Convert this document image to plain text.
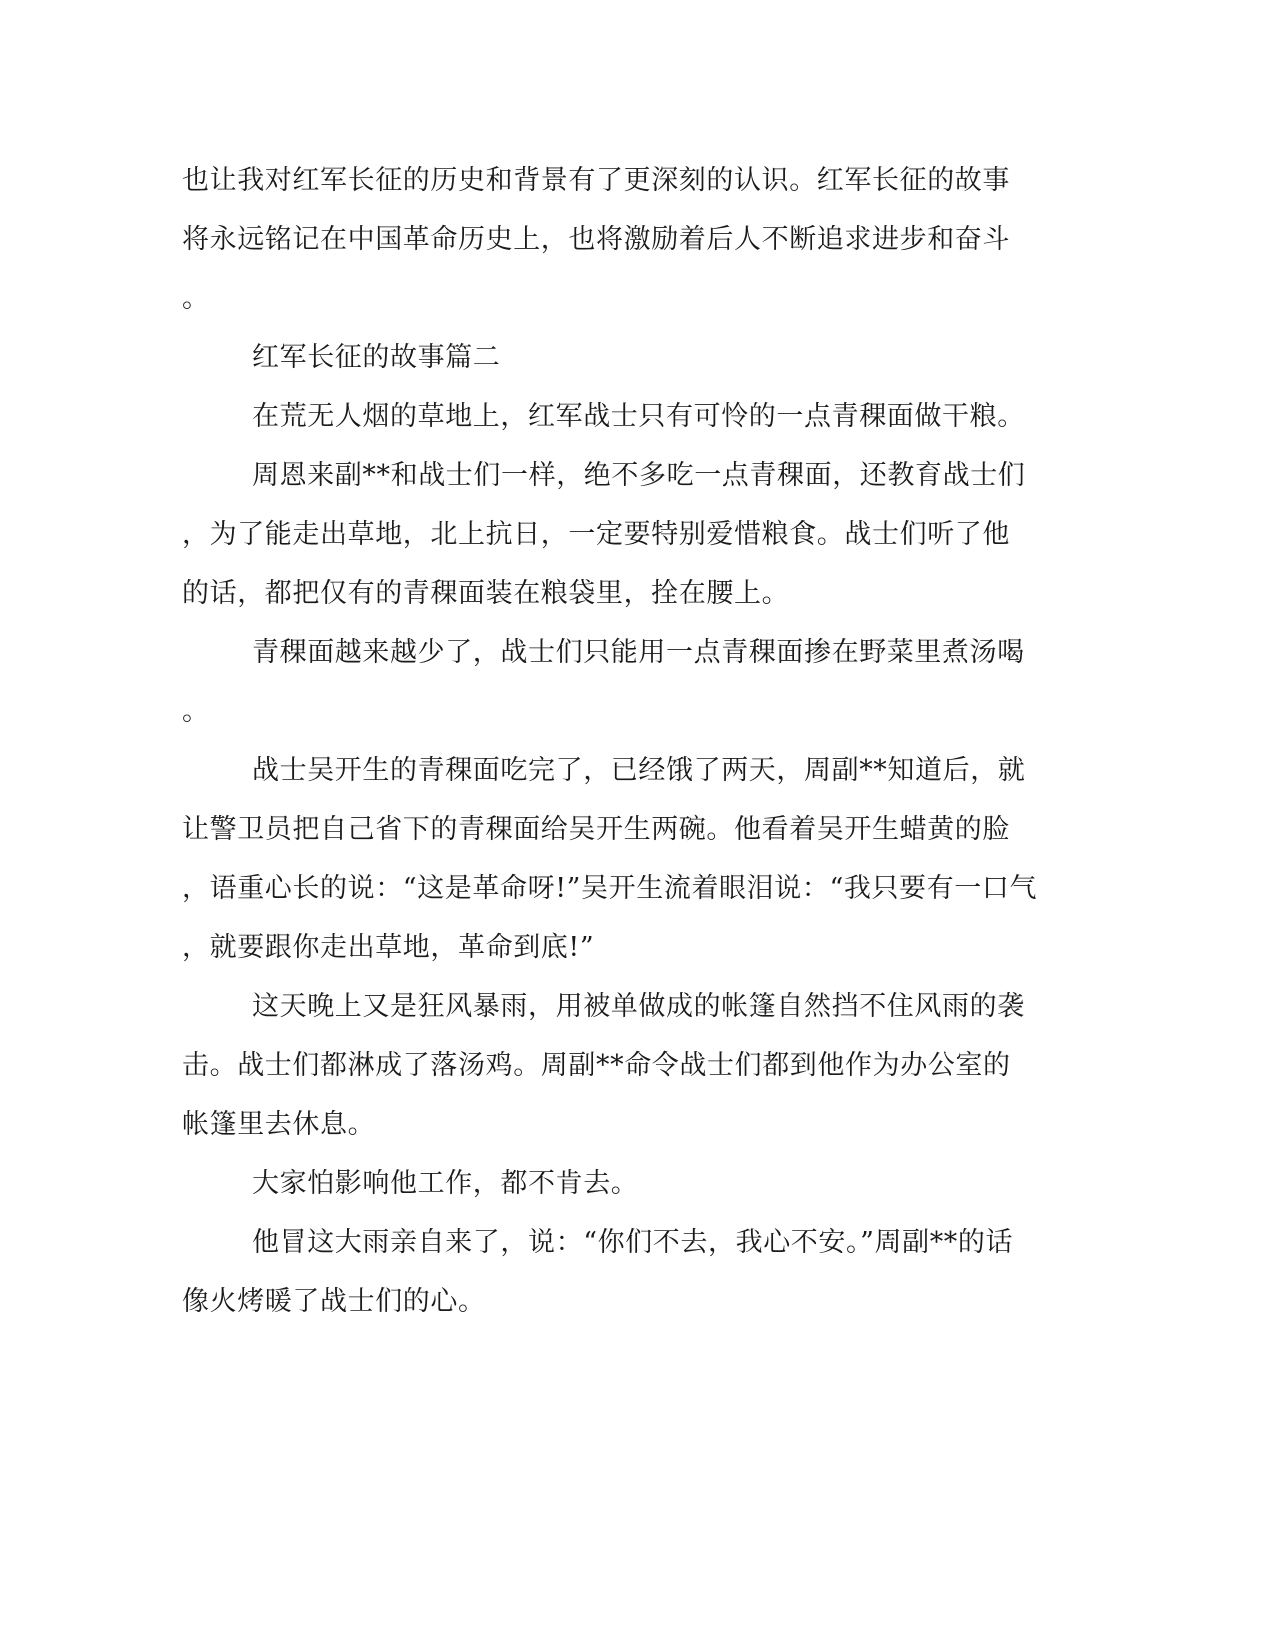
也让我对红军长征的历史和背景有了更深刻的认识。红军长征的故事
将永远铭记在中国革命历史上，也将激励着后人不断追求进步和奋斗
。
红军长征的故事篇二
在荒无人烟的草地上，红军战士只有可怜的一点青稞面做干粮。
周恩来副**和战士们一样，绝不多吃一点青稞面，还教育战士们
，为了能走出草地，北上抗日，一定要特别爱惜粮食。战士们听了他
的话，都把仅有的青稞面装在粮袋里，拴在腰上。
青稞面越来越少了，战士们只能用一点青稞面掺在野菜里煮汤喝
。
战士吴开生的青稞面吃完了，已经饿了两天，周副**知道后，就
让警卫员把自己省下的青稞面给吴开生两碗。他看着吴开生蜡黄的脸
，语重心长的说：“这是革命呀!”吴开生流着眼泪说：“我只要有一口气
，就要跟你走出草地，革命到底!”
这天晚上又是狂风暴雨，用被单做成的帐篷自然挡不住风雨的袭
击。战士们都淋成了落汤鸡。周副**命令战士们都到他作为办公室的
帐篷里去休息。
大家怕影响他工作，都不肯去。
他冒这大雨亲自来了，说：“你们不去，我心不安。”周副**的话
像火烤暖了战士们的心。
